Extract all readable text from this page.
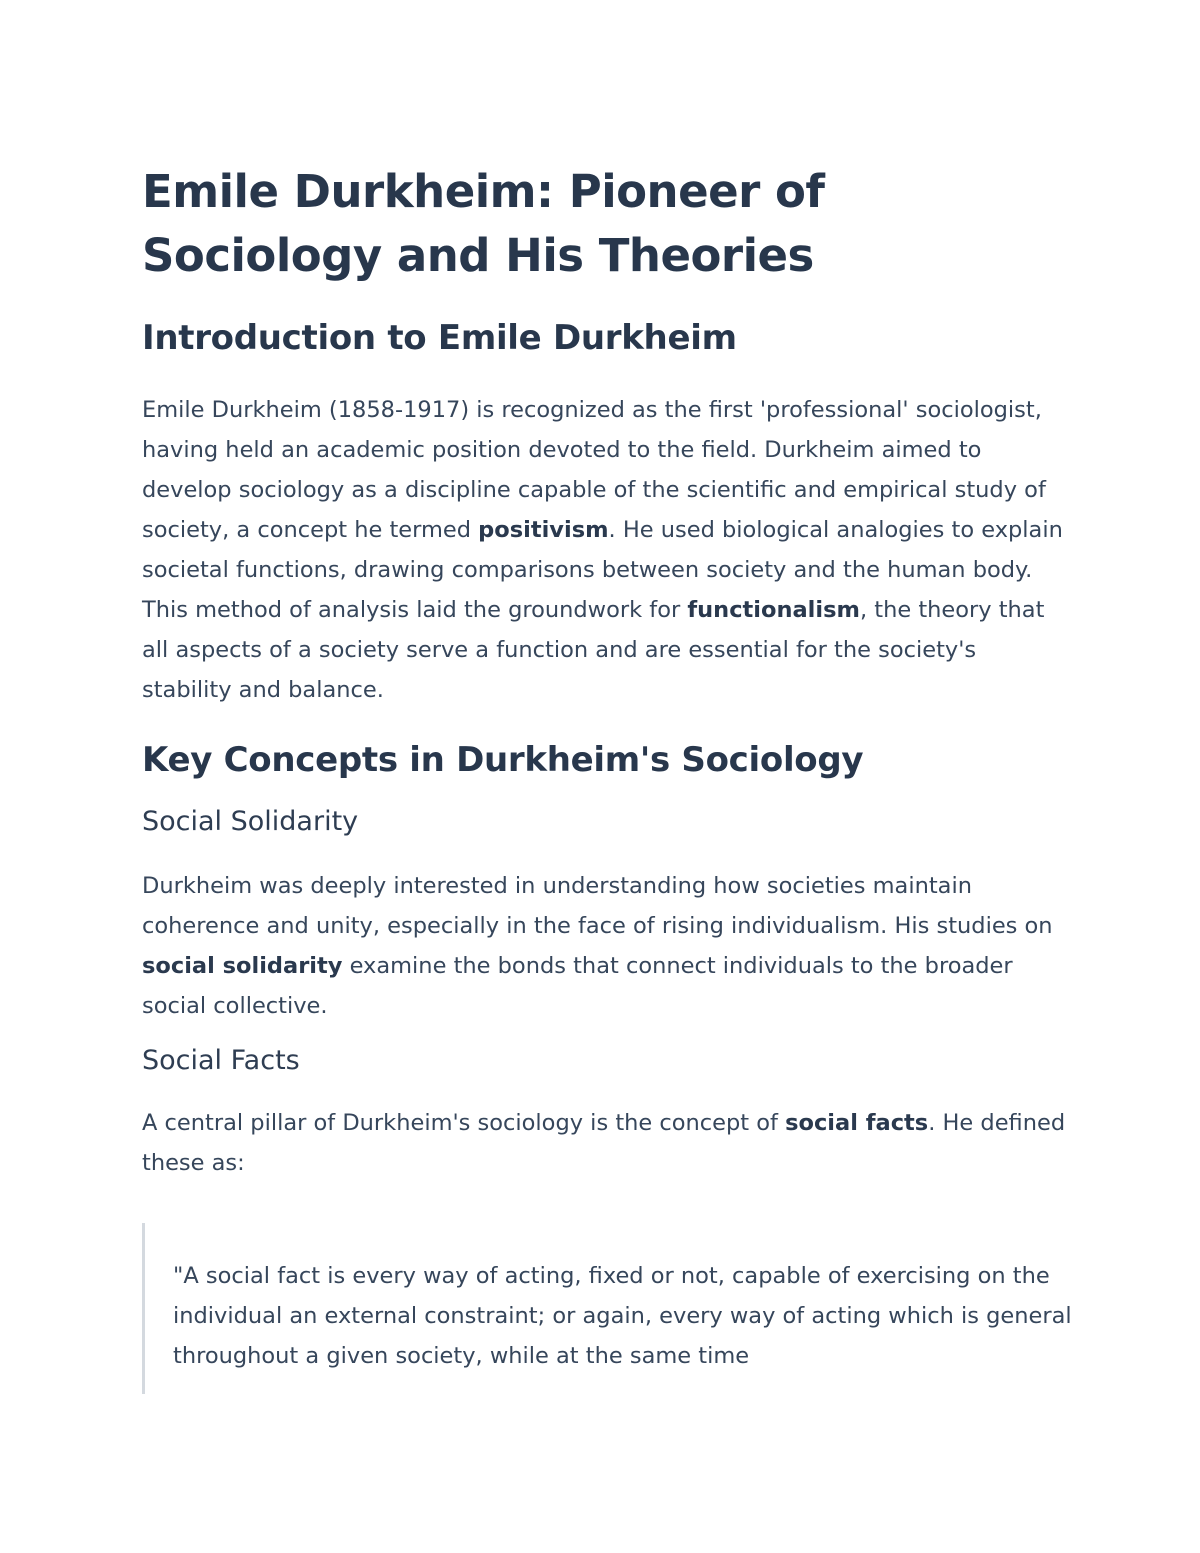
Emile Durkheim: Pioneer of Sociology and His Theories
Introduction to Emile Durkheim

Emile Durkheim (1858-1917) is recognized as the first 'professional' sociologist, having held an academic position devoted to the field. Durkheim aimed to develop sociology as a discipline capable of the scientific and empirical study of society, a concept he termed positivism. He used biological analogies to explain societal functions, drawing comparisons between society and the human body. This method of analysis laid the groundwork for functionalism, the theory that all aspects of a society serve a function and are essential for the society's stability and balance.

Key Concepts in Durkheim's Sociology
Social Solidarity

Durkheim was deeply interested in understanding how societies maintain coherence and unity, especially in the face of rising individualism. His studies on social solidarity examine the bonds that connect individuals to the broader social collective.

Social Facts

A central pillar of Durkheim's sociology is the concept of social facts. He defined these as:

"A social fact is every way of acting, fixed or not, capable of exercising on the individual an external constraint; or again, every way of acting which is general throughout a given society, while at the same time
